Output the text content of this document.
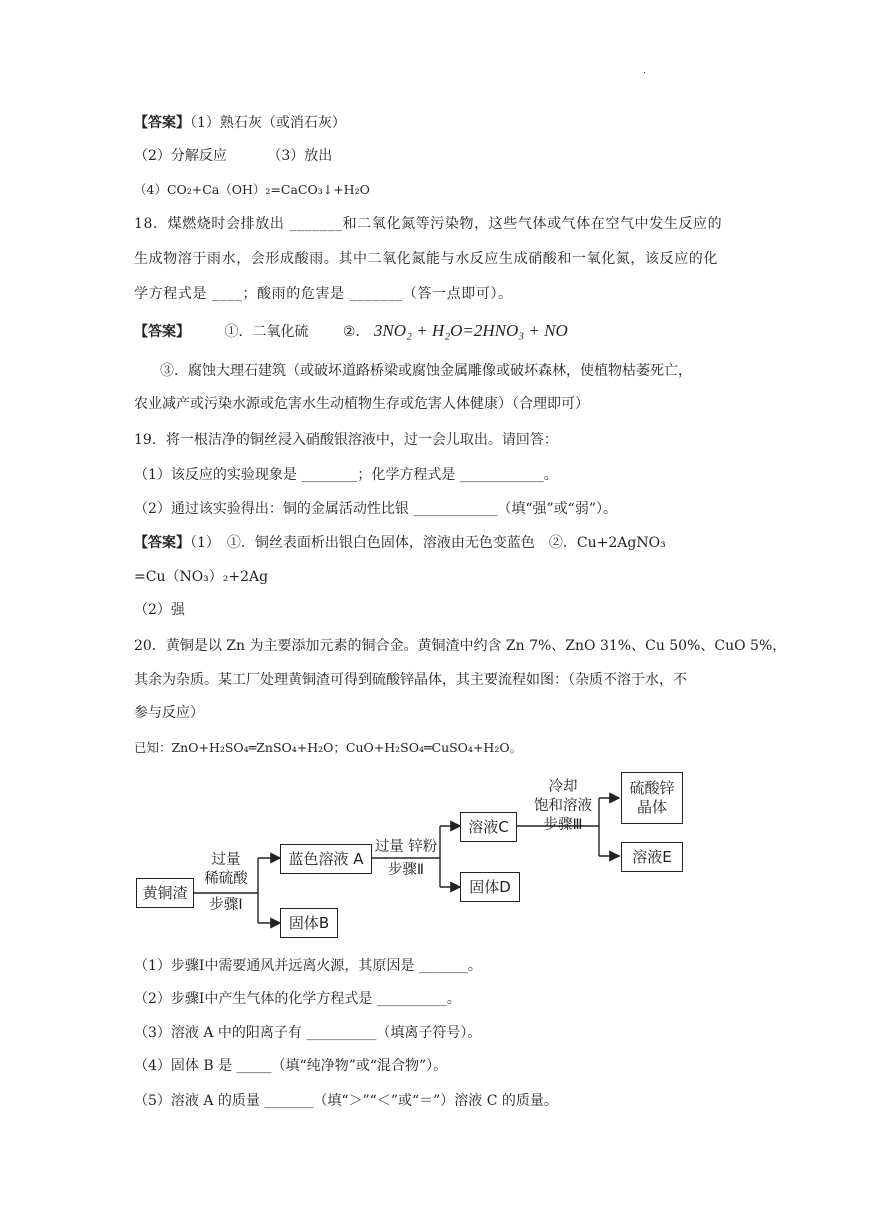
.
【答案】（1）熟石灰（或消石灰）
（2）分解反应	（3）放出
（4）CO₂+Ca（OH）₂=CaCO₃↓+H₂O
18．煤燃烧时会排放出 _______和二氧化氮等污染物，这些气体或气体在空气中发生反应的
生成物溶于雨水，会形成酸雨。其中二氧化氮能与水反应生成硝酸和一氧化氮，该反应的化
学方程式是 ____；酸雨的危害是 _______（答一点即可）。
【答案】 ①．二氧化硫 ②． 3NO₂ + H₂O=2HNO₃ + NO
③．腐蚀大理石建筑（或破坏道路桥梁或腐蚀金属雕像或破坏森林，使植物枯萎死亡，
农业减产或污染水源或危害水生动植物生存或危害人体健康）（合理即可）
19．将一根洁净的铜丝浸入硝酸银溶液中，过一会儿取出。请回答：
（1）该反应的实验现象是 ________；化学方程式是 ____________。
（2）通过该实验得出：铜的金属活动性比银 ____________（填“强”或“弱”）。
【答案】（1）　①．铜丝表面析出银白色固体，溶液由无色变蓝色　②．Cu+2AgNO₃
=Cu（NO₃）₂+2Ag
（2）强
20．黄铜是以 Zn 为主要添加元素的铜合金。黄铜渣中约含 Zn 7%、ZnO 31%、Cu 50%、CuO 5%，
其余为杂质。某工厂处理黄铜渣可得到硫酸锌晶体，其主要流程如图：（杂质不溶于水，不
参与反应）
已知：ZnO+H₂SO₄═ZnSO₄+H₂O；CuO+H₂SO₄═CuSO₄+H₂O。
黄铜渣
过量
稀硫酸
步骤Ⅰ
蓝色溶液 A
固体B
过量 锌粉
步骤Ⅱ
溶液C
固体D
冷却
饱和溶液
步骤Ⅲ
硫酸锌
晶体
溶液E
（1）步骤Ⅰ中需要通风并远离火源，其原因是 _______。
（2）步骤Ⅰ中产生气体的化学方程式是 __________。
（3）溶液 A 中的阳离子有 __________（填离子符号）。
（4）固体 B 是 _____（填“纯净物”或“混合物”）。
（5）溶液 A 的质量 _______（填“＞”“＜”或“＝”）溶液 C 的质量。
